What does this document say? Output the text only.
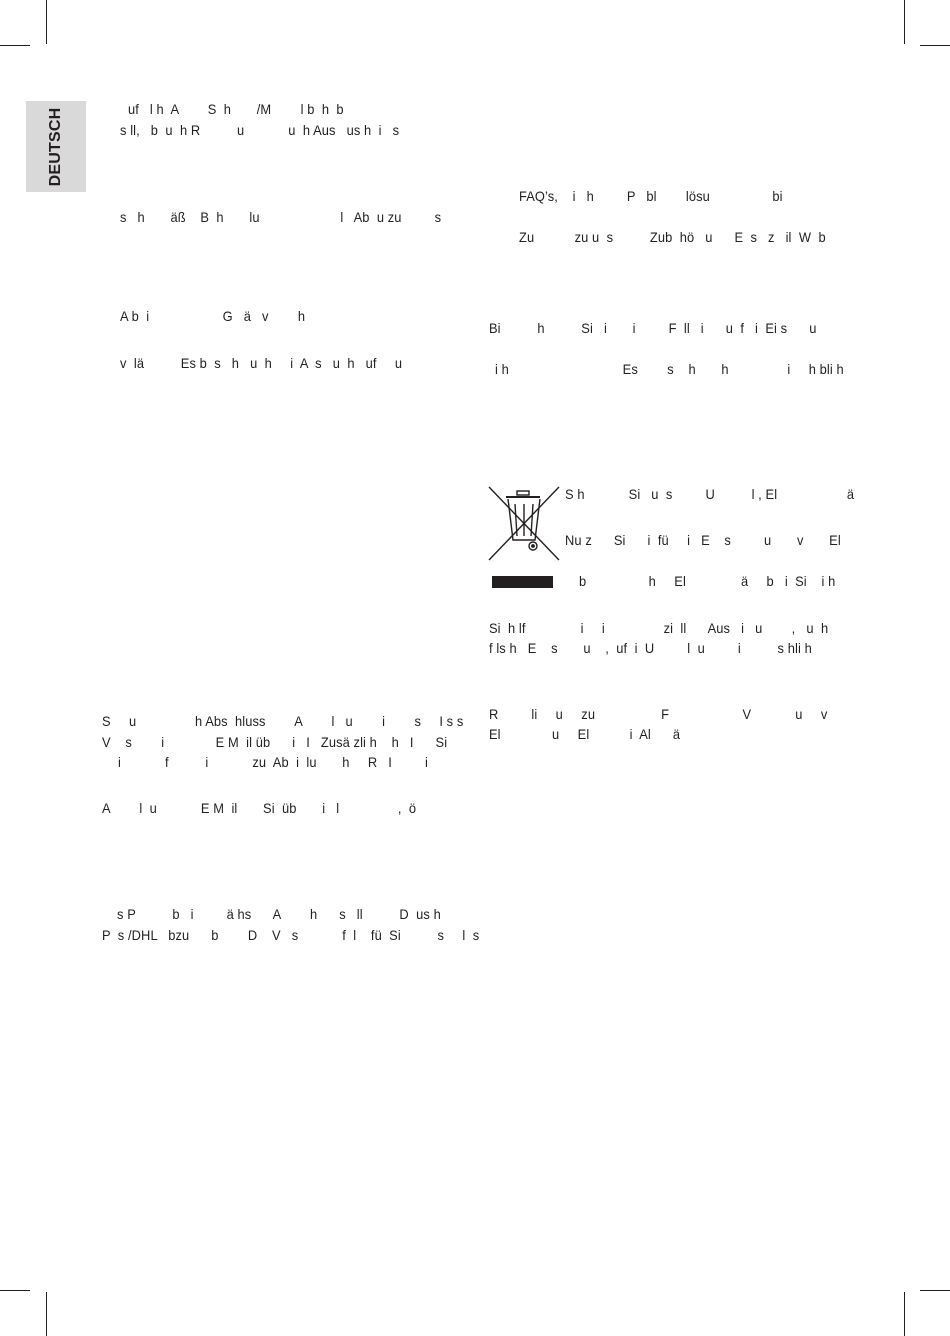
DEUTSCH	uf   l h  A        S  h       /M        l b  h  b
s ll,   b  u  h R          u            u  h Aus   us h  i   s
s   h       äß    B  h       lu                      l   Ab  u zu         s
A b  i                    G   ä   v        h
v  lä          Es b  s   h   u  h     i  A  s   u  h   uf     u
S     u                h Abs  hluss        A        l   u        i        s     I s s
V    s        i              E M  il üb      i   I   Zusä zli h    h   I      Si
i            f          i            zu  Ab  i  lu       h     R   I         i
A        l  u            E M  il       Si  üb       i   l                ,  ö
s P          b   i         ä hs      A        h      s   ll          D  us h
P  s /DHL   bzu      b        D    V   s            f  l    fü  Si          s     l  s
FAQ’s,    i   h         P   bl        lösu                 bi
Zu           zu u  s          Zub  hö   u      E  s   z   il  W  b
Bi          h          Si   i       i         F  ll   i      u  f   i  Ei s      u
i h                               Es        s    h       h                i     h bli h
S h            Si   u  s         U          l , El                   ä
Nu z      Si      i  fü     i   E    s         u       v       El
b                 h     El               ä     b   i  Si    i h
Si  h lf               i     i                zi  ll      Aus   i   u        ,   u  h
f ls h   E    s       u    ,  uf  i  U         l  u         i          s hli h
R         li     u     zu                  F                    V            u     v
El              u     El           i  Al      ä
